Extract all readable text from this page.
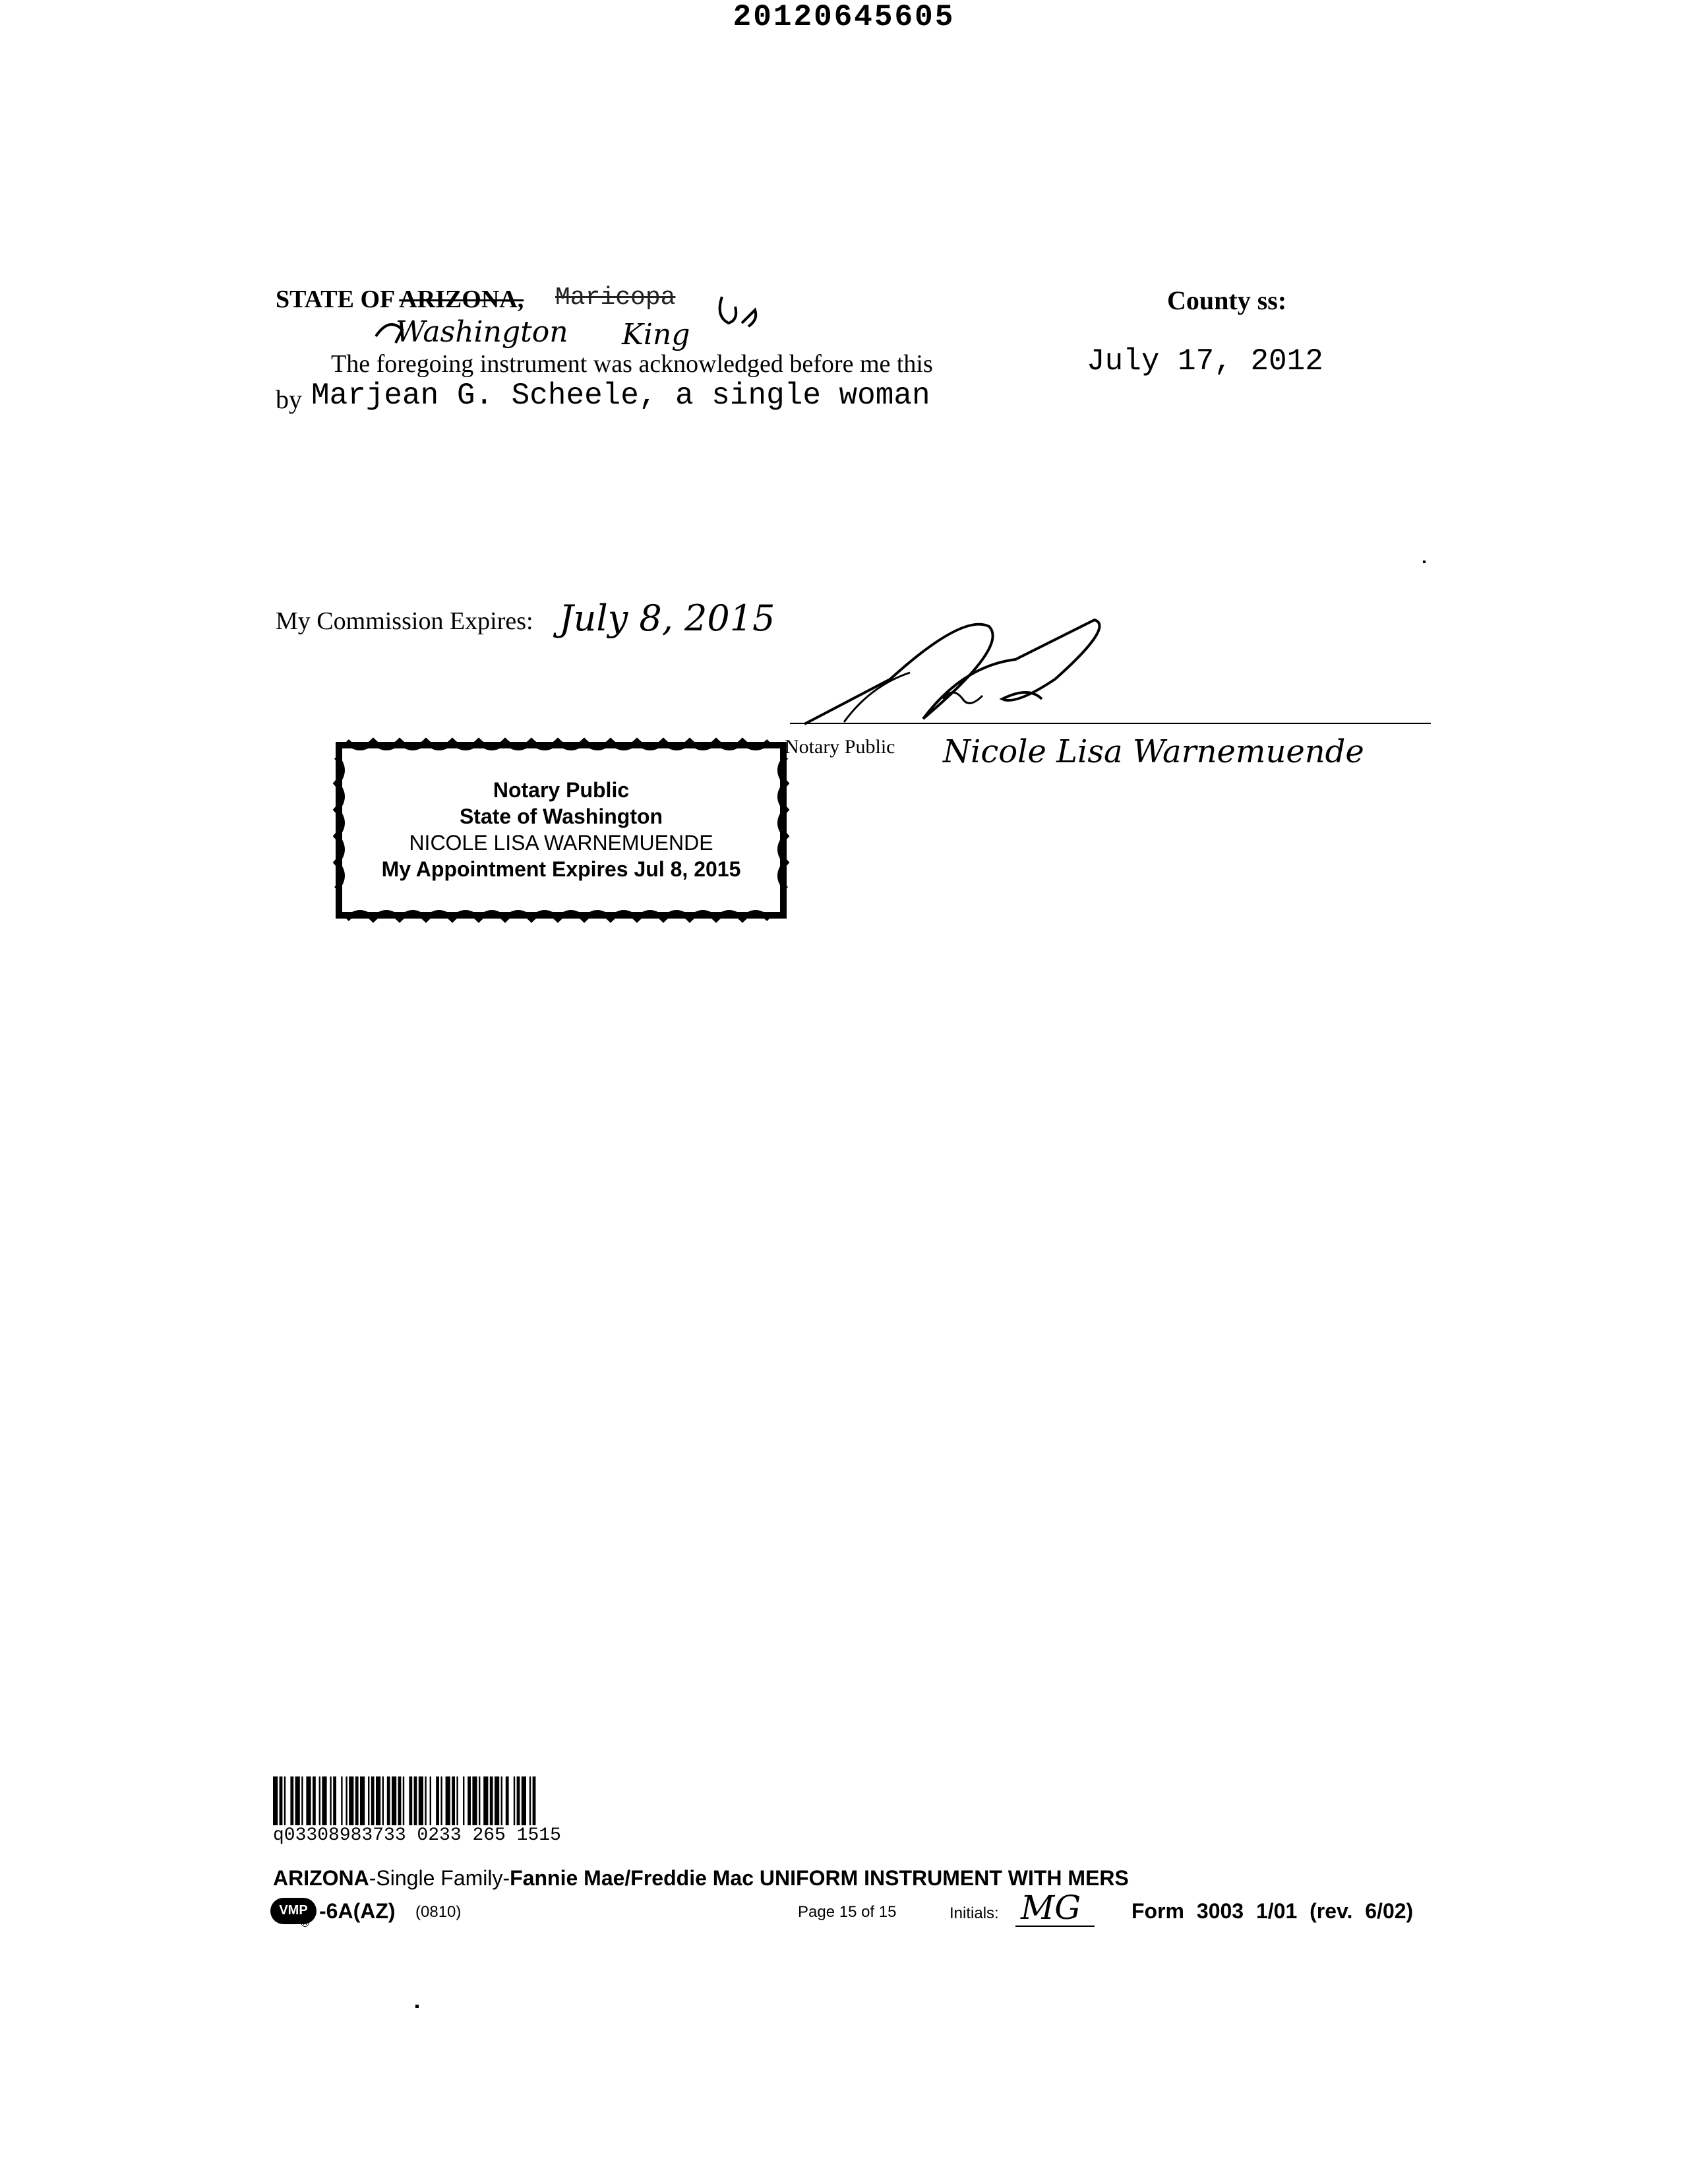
20120645605
STATE OF ARIZONA, Maricopa
Washington King
County ss:
The foregoing instrument was acknowledged before me this	July 17, 2012
by Marjean G. Scheele, a single woman
My Commission Expires: July 8, 2015
Notary Public Nicole Lisa Warnemuende
Notary Public
State of Washington
NICOLE LISA WARNEMUENDE
My Appointment Expires Jul 8, 2015
q03308983733 0233 265 1515
ARIZONA-Single Family-Fannie Mae/Freddie Mac UNIFORM INSTRUMENT WITH MERS
VMP
® -6A(AZ) (0810)	Page 15 of 15	Initials: MG Form 3003 1/01 (rev. 6/02)
